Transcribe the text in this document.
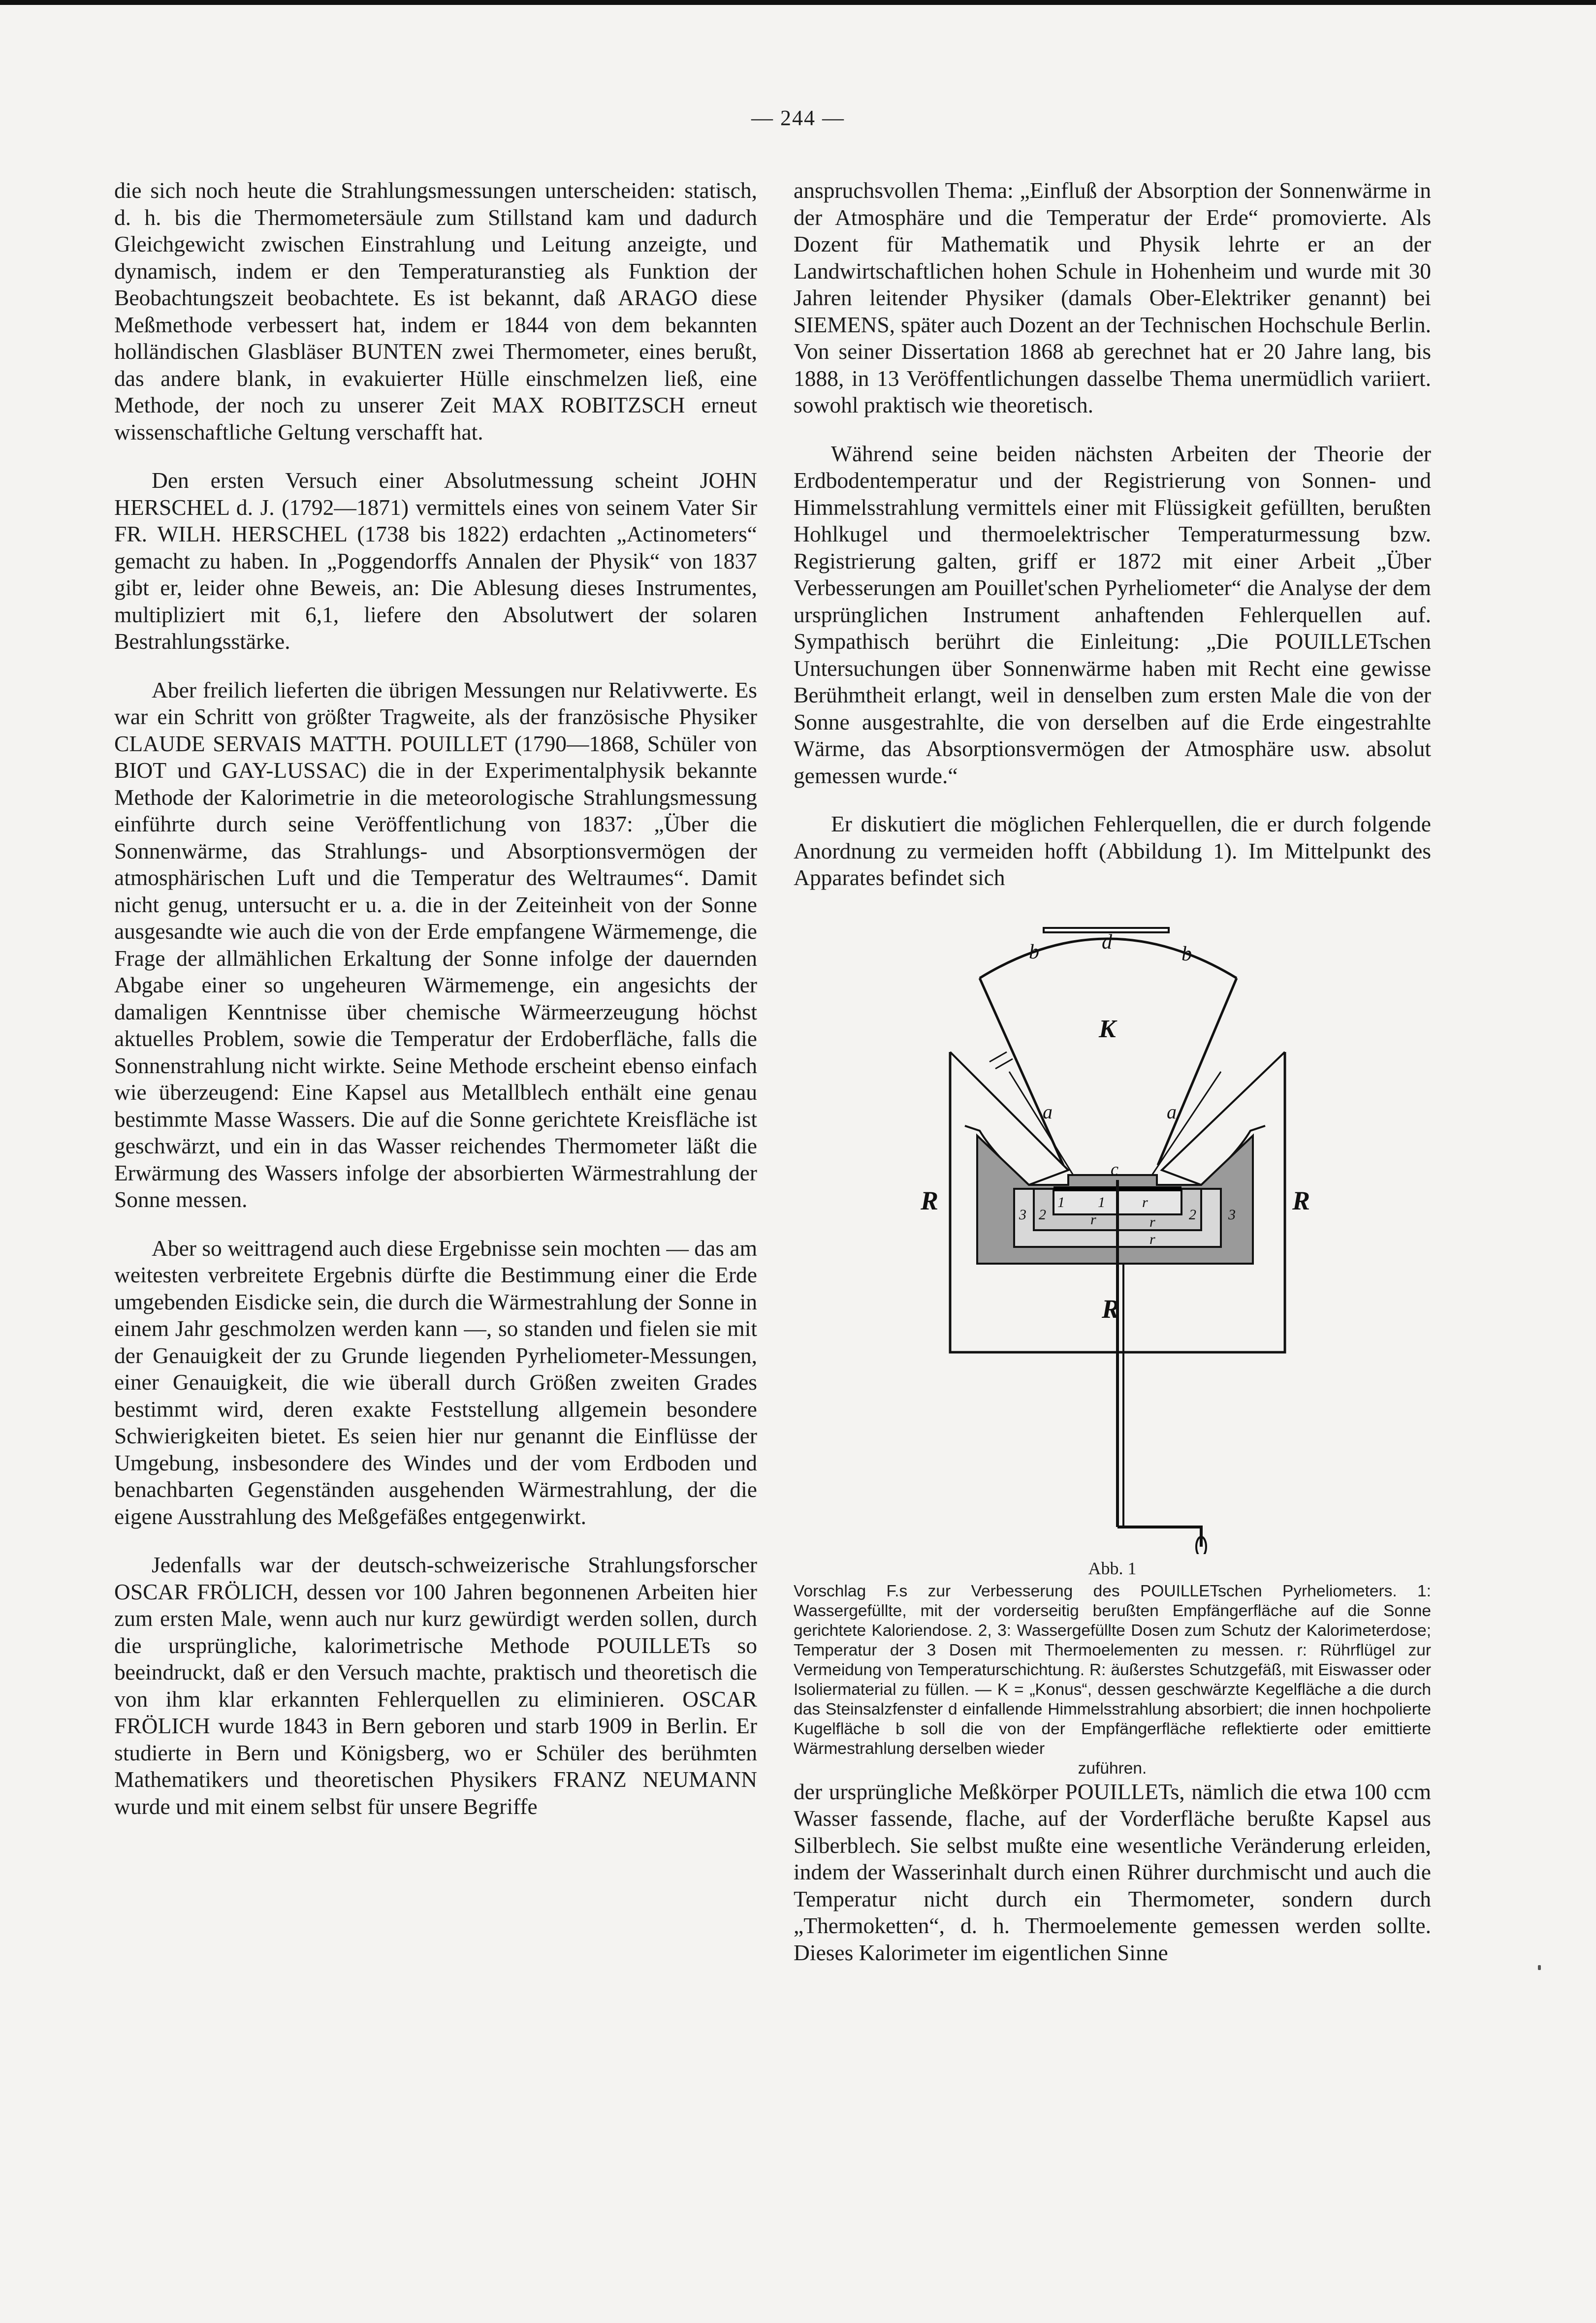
— 244 —

die sich noch heute die Strahlungsmessungen unterscheiden: statisch, d. h. bis die Thermometersäule zum Stillstand kam und dadurch Gleichgewicht zwischen Einstrahlung und Leitung anzeigte, und dynamisch, indem er den Temperaturanstieg als Funktion der Beobachtungszeit beobachtete. Es ist bekannt, daß ARAGO diese Meßmethode verbessert hat, indem er 1844 von dem bekannten holländischen Glasbläser BUNTEN zwei Thermometer, eines berußt, das andere blank, in evakuierter Hülle einschmelzen ließ, eine Methode, der noch zu unserer Zeit MAX ROBITZSCH erneut wissenschaftliche Geltung verschafft hat.

Den ersten Versuch einer Absolutmessung scheint JOHN HERSCHEL d. J. (1792—1871) vermittels eines von seinem Vater Sir FR. WILH. HERSCHEL (1738 bis 1822) erdachten „Actinometers“ gemacht zu haben. In „Poggendorffs Annalen der Physik“ von 1837 gibt er, leider ohne Beweis, an: Die Ablesung dieses Instrumentes, multipliziert mit 6,1, liefere den Absolutwert der solaren Bestrahlungsstärke.

Aber freilich lieferten die übrigen Messungen nur Relativwerte. Es war ein Schritt von größter Tragweite, als der französische Physiker CLAUDE SERVAIS MATTH. POUILLET (1790—1868, Schüler von BIOT und GAY-LUSSAC) die in der Experimentalphysik bekannte Methode der Kalorimetrie in die meteorologische Strahlungsmessung einführte durch seine Veröffentlichung von 1837: „Über die Sonnenwärme, das Strahlungs- und Absorptionsvermögen der atmosphärischen Luft und die Temperatur des Weltraumes“. Damit nicht genug, untersucht er u. a. die in der Zeiteinheit von der Sonne ausgesandte wie auch die von der Erde empfangene Wärmemenge, die Frage der allmählichen Erkaltung der Sonne infolge der dauernden Abgabe einer so ungeheuren Wärmemenge, ein angesichts der damaligen Kenntnisse über chemische Wärmeerzeugung höchst aktuelles Problem, sowie die Temperatur der Erdoberfläche, falls die Sonnenstrahlung nicht wirkte. Seine Methode erscheint ebenso einfach wie überzeugend: Eine Kapsel aus Metallblech enthält eine genau bestimmte Masse Wassers. Die auf die Sonne gerichtete Kreisfläche ist geschwärzt, und ein in das Wasser reichendes Thermometer läßt die Erwärmung des Wassers infolge der absorbierten Wärmestrahlung der Sonne messen.

Aber so weittragend auch diese Ergebnisse sein mochten — das am weitesten verbreitete Ergebnis dürfte die Bestimmung einer die Erde umgebenden Eisdicke sein, die durch die Wärmestrahlung der Sonne in einem Jahr geschmolzen werden kann —, so standen und fielen sie mit der Genauigkeit der zu Grunde liegenden Pyrheliometer-Messungen, einer Genauigkeit, die wie überall durch Größen zweiten Grades bestimmt wird, deren exakte Feststellung allgemein besondere Schwierigkeiten bietet. Es seien hier nur genannt die Einflüsse der Umgebung, insbesondere des Windes und der vom Erdboden und benachbarten Gegenständen ausgehenden Wärmestrahlung, der die eigene Ausstrahlung des Meßgefäßes entgegenwirkt.

Jedenfalls war der deutsch-schweizerische Strahlungsforscher OSCAR FRÖLICH, dessen vor 100 Jahren begonnenen Arbeiten hier zum ersten Male, wenn auch nur kurz gewürdigt werden sollen, durch die ursprüngliche, kalorimetrische Methode POUILLETs so beeindruckt, daß er den Versuch machte, praktisch und theoretisch die von ihm klar erkannten Fehlerquellen zu eliminieren. OSCAR FRÖLICH wurde 1843 in Bern geboren und starb 1909 in Berlin. Er studierte in Bern und Königsberg, wo er Schüler des berühmten Mathematikers und theoretischen Physikers FRANZ NEUMANN wurde und mit einem selbst für unsere Begriffe

anspruchsvollen Thema: „Einfluß der Absorption der Sonnenwärme in der Atmosphäre und die Temperatur der Erde“ promovierte. Als Dozent für Mathematik und Physik lehrte er an der Landwirtschaftlichen hohen Schule in Hohenheim und wurde mit 30 Jahren leitender Physiker (damals Ober-Elektriker genannt) bei SIEMENS, später auch Dozent an der Technischen Hochschule Berlin. Von seiner Dissertation 1868 ab gerechnet hat er 20 Jahre lang, bis 1888, in 13 Veröffentlichungen dasselbe Thema unermüdlich variiert. sowohl praktisch wie theoretisch.

Während seine beiden nächsten Arbeiten der Theorie der Erdbodentemperatur und der Registrierung von Sonnen- und Himmelsstrahlung vermittels einer mit Flüssigkeit gefüllten, berußten Hohlkugel und thermoelektrischer Temperaturmessung bzw. Registrierung galten, griff er 1872 mit einer Arbeit „Über Verbesserungen am Pouillet'schen Pyrheliometer“ die Analyse der dem ursprünglichen Instrument anhaftenden Fehlerquellen auf. Sympathisch berührt die Einleitung: „Die POUILLETschen Untersuchungen über Sonnenwärme haben mit Recht eine gewisse Berühmtheit erlangt, weil in denselben zum ersten Male die von der Sonne ausgestrahlte, die von derselben auf die Erde eingestrahlte Wärme, das Absorptionsvermögen der Atmosphäre usw. absolut gemessen wurde.“

Er diskutiert die möglichen Fehlerquellen, die er durch folgende Anordnung zu vermeiden hofft (Abbildung 1). Im Mittelpunkt des Apparates befindet sich

d
b	b
K
a	a
c
R	R
R
1
2 3
2
3
1	r
r	r
r
Abb. 1
Vorschlag F.s zur Verbesserung des POUILLETschen Pyrheliometers. 1: Wassergefüllte, mit der vorderseitig berußten Empfängerfläche auf die Sonne gerichtete Kaloriendose. 2, 3: Wassergefüllte Dosen zum Schutz der Kalorimeterdose; Temperatur der 3 Dosen mit Thermoelementen zu messen. r: Rührflügel zur Vermeidung von Temperaturschichtung. R: äußerstes Schutzgefäß, mit Eiswasser oder Isoliermaterial zu füllen. — K = „Konus“, dessen geschwärzte Kegelfläche a die durch das Steinsalzfenster d einfallende Himmelsstrahlung absorbiert; die innen hochpolierte Kugelfläche b soll die von der Empfängerfläche reflektierte oder emittierte Wärmestrahlung derselben wieder
zuführen.

der ursprüngliche Meßkörper POUILLETs, nämlich die etwa 100 ccm Wasser fassende, flache, auf der Vorderfläche berußte Kapsel aus Silberblech. Sie selbst mußte eine wesentliche Veränderung erleiden, indem der Wasserinhalt durch einen Rührer durchmischt und auch die Temperatur nicht durch ein Thermometer, sondern durch „Thermoketten“, d. h. Thermoelemente gemessen werden sollte. Dieses Kalorimeter im eigentlichen Sinne
